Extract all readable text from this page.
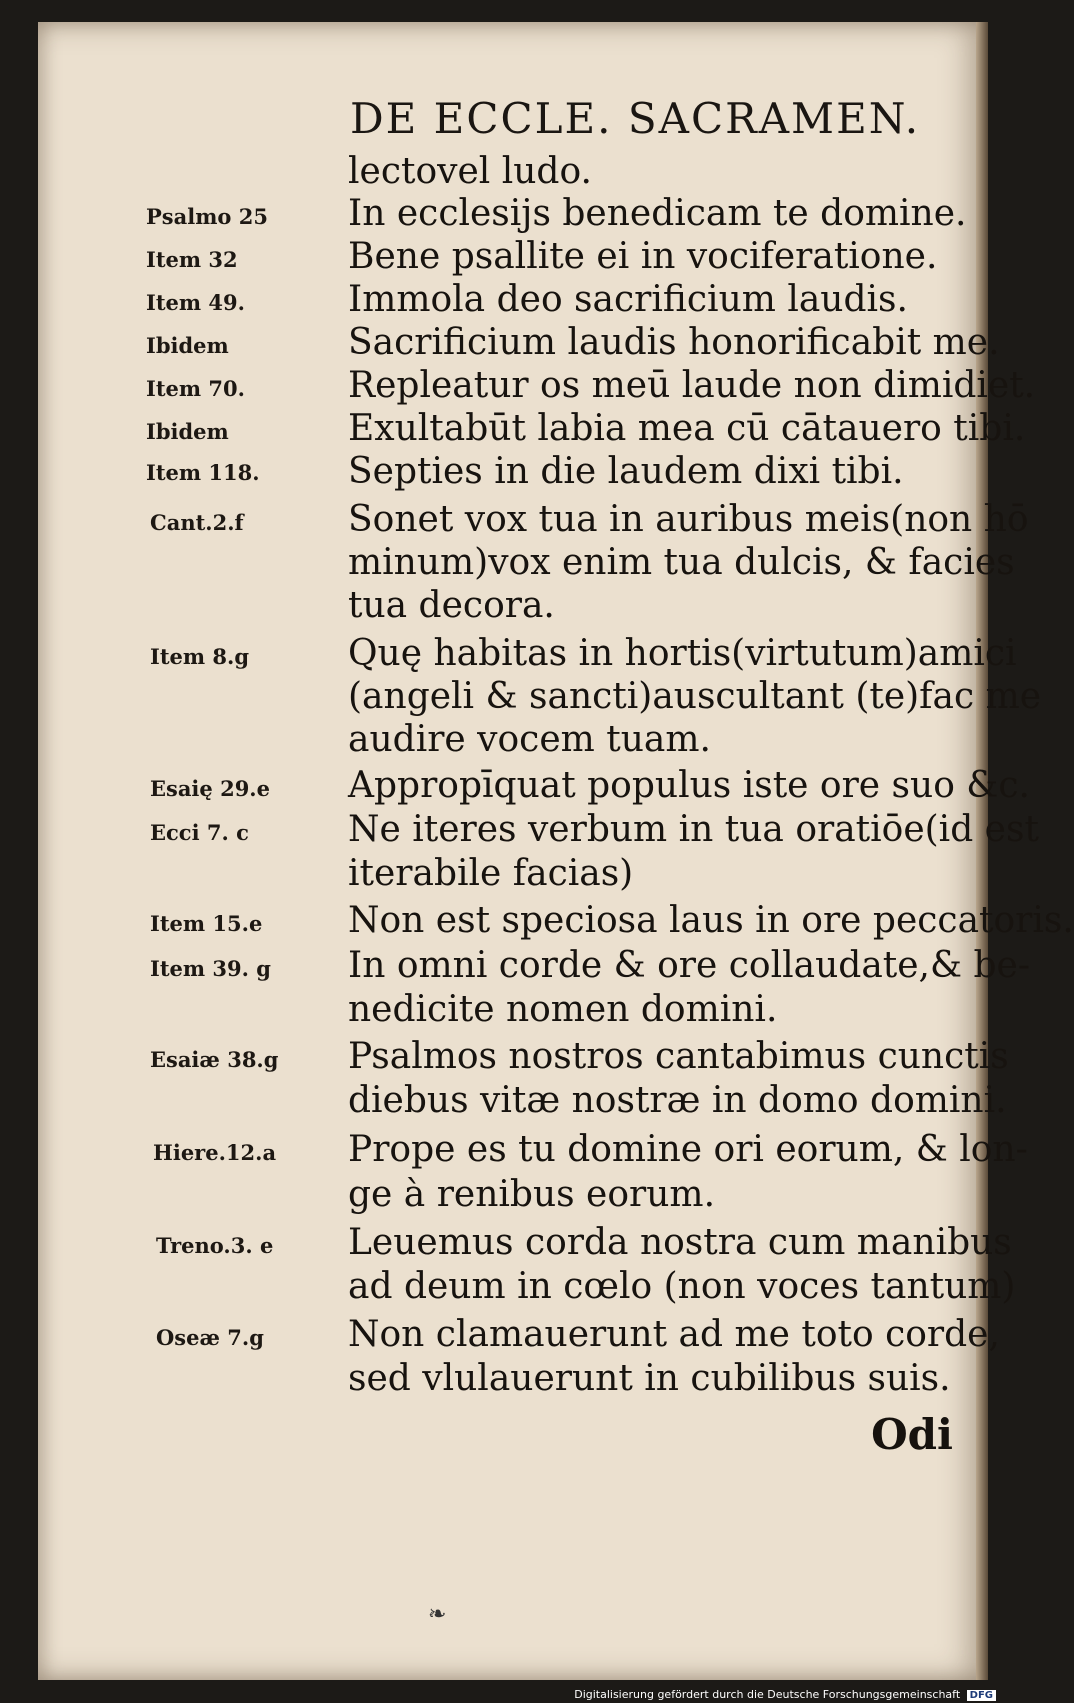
DE ECCLE. SACRAMEN.
lectovel ludo.
In ecclesijs benedicam te domine.
Bene psallite ei in vociferatione.
Immola deo sacrificium laudis.
Sacrificium laudis honorificabit me.
Repleatur os meū laude non dimidiet.
Exultabūt labia mea cū cātauero tibi.
Septies in die laudem dixi tibi.
Sonet vox tua in auribus meis(non hō
minum)vox enim tua dulcis, & facies
tua decora.
Quę habitas in hortis(virtutum)amici
(angeli & sancti)auscultant (te)fac me
audire vocem tuam.
Appropīquat populus iste ore suo &c.
Ne iteres verbum in tua oratiōe(id est
iterabile facias)
Non est speciosa laus in ore peccatoris.
In omni corde & ore collaudate,& be-
nedicite nomen domini.
Psalmos nostros cantabimus cunctis
diebus vitæ nostræ in domo domini.
Prope es tu domine ori eorum, & lon-
ge à renibus eorum.
Leuemus corda nostra cum manibus
ad deum in cœlo (non voces tantum)
Non clamauerunt ad me toto corde,
sed vlulauerunt in cubilibus suis.
Psalmo 25
Item 32
Item 49.
Ibidem
Item 70.
Ibidem
Item 118.
Cant.2.f
Item 8.g
Esaię 29.e
Ecci 7. c
Item 15.e
Item 39. g
Esaiæ 38.g
Hiere.12.a
Treno.3. e
Oseæ 7.g
Odi
❧
Digitalisierung gefördert durch die Deutsche Forschungsgemeinschaft DFG
